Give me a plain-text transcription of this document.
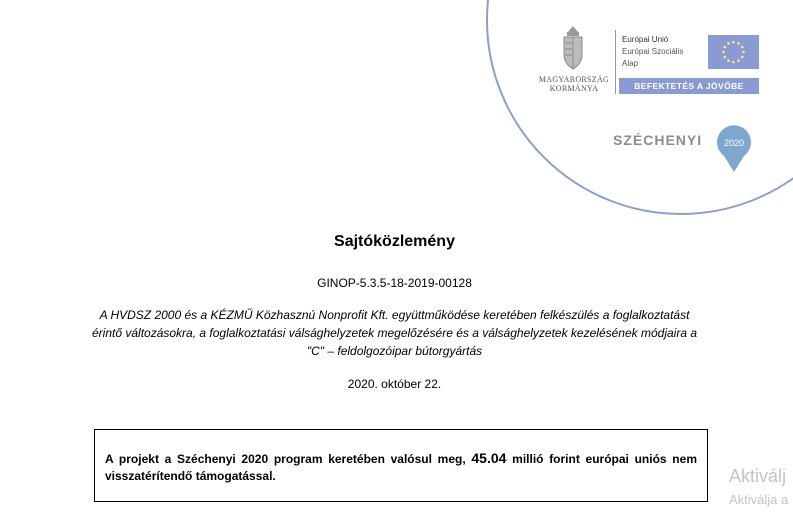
MAGYARORSZÁG
KORMÁNYA
Európai Unió
Európai Szociális
Alap
BEFEKTETÉS A JÖVŐBE
SZÉCHENYI 2020
Sajtóközlemény
GINOP-5.3.5-18-2019-00128
A HVDSZ 2000 és a KÉZMŰ Közhasznú Nonprofit Kft. együttműködése keretében felkészülés a foglalkoztatást érintő változásokra, a foglalkoztatási válsághelyzetek megelőzésére és a válsághelyzetek kezelésének módjaira a "C" – feldolgozóipar bútorgyártás
2020. október 22.
A projekt a Széchenyi 2020 program keretében valósul meg, 45.04 millió forint európai uniós nem visszatérítendő támogatással.	Aktiválj
Aktiválja a
